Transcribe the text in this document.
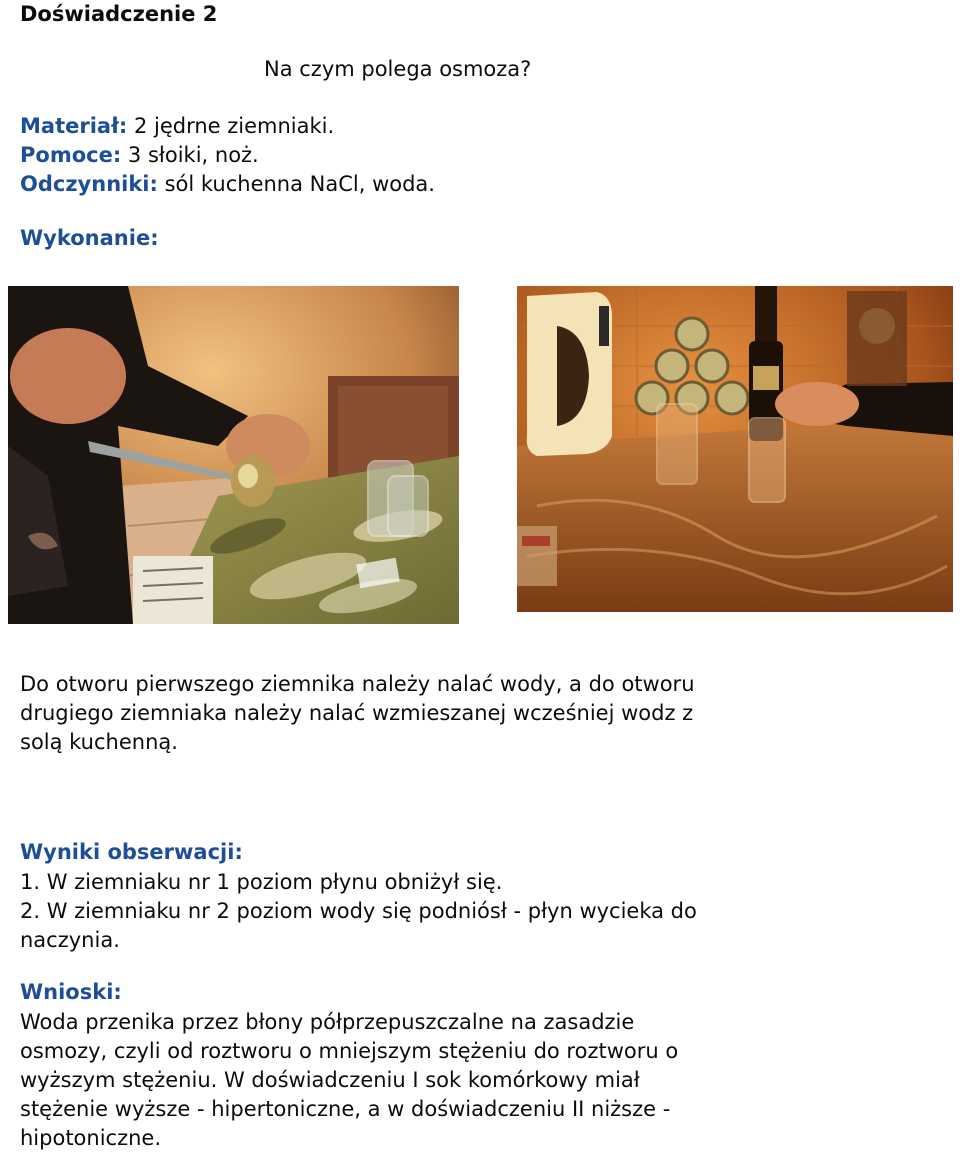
Doświadczenie 2
Na czym polega osmoza?
Materiał: 2 jędrne ziemniaki.
Pomoce: 3 słoiki, noż.
Odczynniki: sól kuchenna NaCl, woda.
Wykonanie:
Do otworu pierwszego ziemnika należy nalać wody, a do otworu
drugiego ziemniaka należy nalać wzmieszanej wcześniej wodz z
solą kuchenną.
Wyniki obserwacji:
1. W ziemniaku nr 1 poziom płynu obniżył się.
2. W ziemniaku nr 2 poziom wody się podniósł - płyn wycieka do
naczynia.
Wnioski:
Woda przenika przez błony półprzepuszczalne na zasadzie
osmozy, czyli od roztworu o mniejszym stężeniu do roztworu o
wyższym stężeniu. W doświadczeniu I sok komórkowy miał
stężenie wyższe - hipertoniczne, a w doświadczeniu II niższe -
hipotoniczne.
